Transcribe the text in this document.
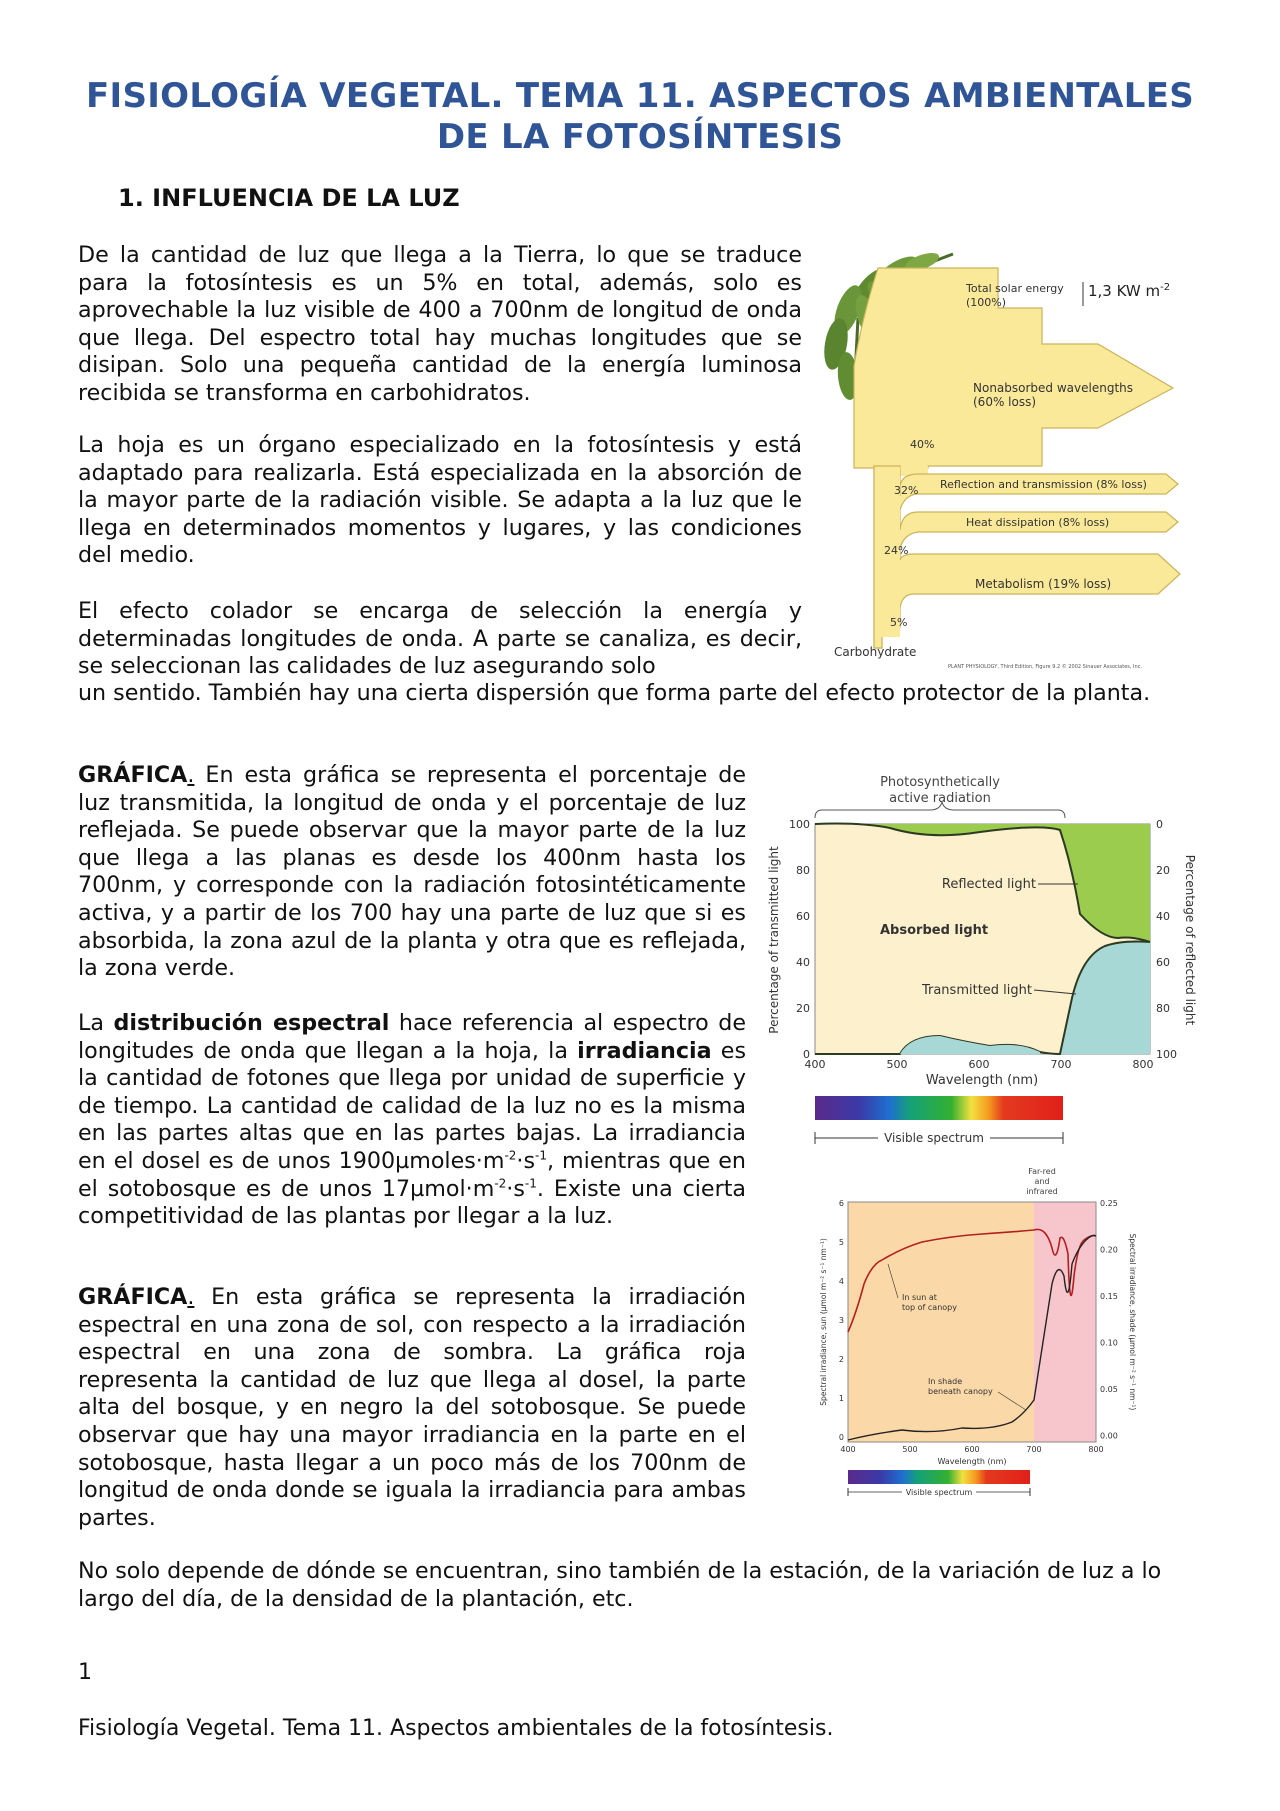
FISIOLOGÍA VEGETAL. TEMA 11. ASPECTOS AMBIENTALES
DE LA FOTOSÍNTESIS
1. INFLUENCIA DE LA LUZ
De la cantidad de luz que llega a la Tierra, lo que se traduce para la fotosíntesis es un 5% en total, además, solo es aprovechable la luz visible de 400 a 700nm de longitud de onda que llega. Del espectro total hay muchas longitudes que se disipan. Solo una pequeña cantidad de la energía luminosa recibida se transforma en carbohidratos.
La hoja es un órgano especializado en la fotosíntesis y está adaptado para realizarla. Está especializada en la absorción de la mayor parte de la radiación visible. Se adapta a la luz que le llega en determinados momentos y lugares, y las condiciones del medio.
El efecto colador se encarga de selección la energía y determinadas longitudes de onda. A parte se canaliza, es decir, se seleccionan las calidades de luz asegurando solo
un sentido. También hay una cierta dispersión que forma parte del efecto protector de la planta.
GRÁFICA. En esta gráfica se representa el porcentaje de luz transmitida, la longitud de onda y el porcentaje de luz reflejada. Se puede observar que la mayor parte de la luz que llega a las planas es desde los 400nm hasta los 700nm, y corresponde con la radiación fotosintéticamente activa, y a partir de los 700 hay una parte de luz que si es absorbida, la zona azul de la planta y otra que es reflejada, la zona verde.
La distribución espectral hace referencia al espectro de longitudes de onda que llegan a la hoja, la irradiancia es la cantidad de fotones que llega por unidad de superficie y de tiempo. La cantidad de calidad de la luz no es la misma en las partes altas que en las partes bajas. La irradiancia en el dosel es de unos $1900\mu moles\cdot m^{-2}\cdot s^{-1}$, mientras que en el sotobosque es de unos $17\mu mol\cdot m^{-2}\cdot s^{-1}$. Existe una cierta competitividad de las plantas por llegar a la luz.
GRÁFICA. En esta gráfica se representa la irradiación espectral en una zona de sol, con respecto a la irradiación espectral en una zona de sombra. La gráfica roja representa la cantidad de luz que llega al dosel, la parte alta del bosque, y en negro la del sotobosque. Se puede observar que hay una mayor irradiancia en la parte en el sotobosque, hasta llegar a un poco más de los 700nm de longitud de onda donde se iguala la irradiancia para ambas partes.
No solo depende de dónde se encuentran, sino también de la estación, de la variación de luz a lo largo del día, de la densidad de la plantación, etc.
1
Fisiología Vegetal. Tema 11. Aspectos ambientales de la fotosíntesis.
Total solar energy
(100%)
1,3 KW $m^{-2}$
Nonabsorbed wavelengths
(60% loss)
40%
Reflection and transmission (8% loss)
32%
Heat dissipation (8% loss)
24%
Metabolism (19% loss)
5%
Carbohydrate
PLANT PHYSIOLOGY, Third Edition, Figure 9.2 © 2002 Sinauer Associates, Inc.
Photosynthetically
active radiation
Reflected light
Absorbed light
Transmitted light
100
80
60
40
20
0
0
20
40
60
80
100
400	500	600	700	800
Percentage of transmitted light	Percentage of reflected light
Wavelength (nm)
Visible spectrum
Far-red
and
infrared
In sun at
top of canopy
In shade
beneath canopy
6
5
4
3
2
1
0
0.25
0.20
0.15
0.10
0.05
0.00
400	500	600	700	800
Spectral irradiance, sun (µmol m⁻² s⁻¹ nm⁻¹)	Spectral irradiance, shade (µmol m⁻² s⁻¹ nm⁻¹)
Wavelength (nm)
Visible spectrum
